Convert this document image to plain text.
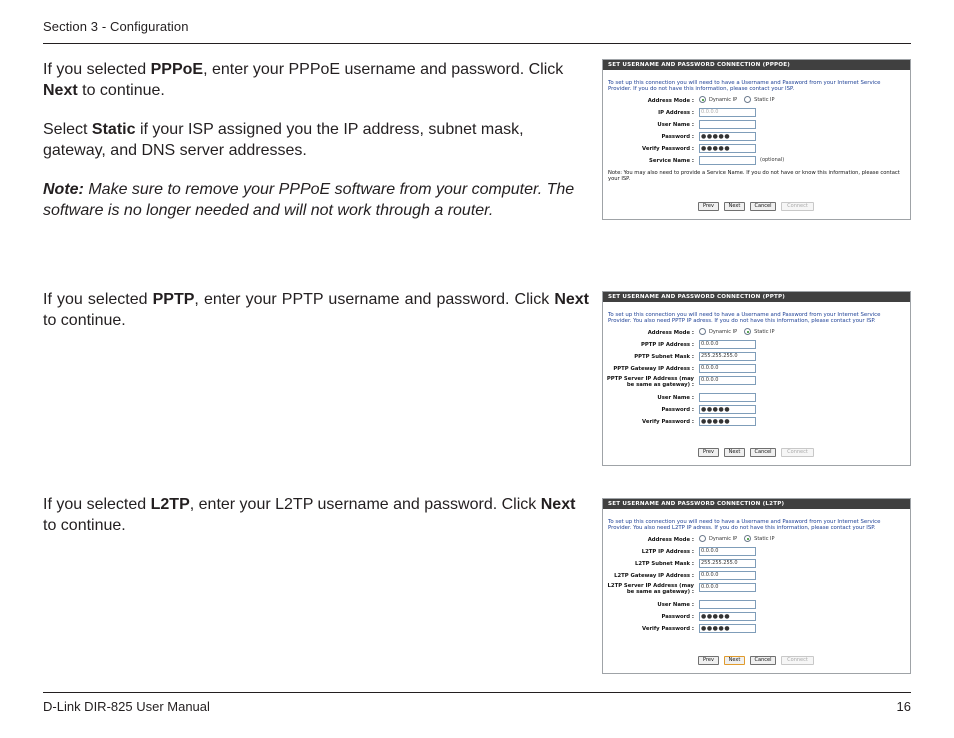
Section 3 - Configuration
D-Link DIR-825 User Manual	16

If you selected PPPoE, enter your PPPoE username and password. Click Next to continue.

Select Static if your ISP assigned you the IP address, subnet mask, gateway, and DNS server addresses.

Note: Make sure to remove your PPPoE software from your computer. The software is no longer needed and will not work through a router.

If you selected PPTP, enter your PPTP username and password. Click Next to continue.

If you selected L2TP, enter your L2TP username and password. Click Next to continue.

SET USERNAME AND PASSWORD CONNECTION (PPPOE)
To set up this connection you will need to have a Username and Password from your Internet Service Provider. If you do not have this information, please contact your ISP.
Address Mode :	Dynamic IP	Static IP
IP Address :	0.0.0.0
User Name :
Password :	●●●●●
Verify Password :	●●●●●
Service Name :	(optional)
Note: You may also need to provide a Service Name. If you do not have or know this information, please contact your ISP.
Prev	Next	Cancel	Connect
SET USERNAME AND PASSWORD CONNECTION (PPTP)
To set up this connection you will need to have a Username and Password from your Internet Service Provider. You also need PPTP IP adress. If you do not have this information, please contact your ISP.
Address Mode :	Dynamic IP	Static IP
PPTP IP Address :	0.0.0.0
PPTP Subnet Mask :	255.255.255.0
PPTP Gateway IP Address :	0.0.0.0
PPTP Server IP Address (may be same as gateway) :
0.0.0.0
User Name :
Password :	●●●●●
Verify Password :	●●●●●
Prev	Next	Cancel	Connect
SET USERNAME AND PASSWORD CONNECTION (L2TP)
To set up this connection you will need to have a Username and Password from your Internet Service Provider. You also need L2TP IP adress. If you do not have this information, please contact your ISP.
Address Mode :	Dynamic IP	Static IP
L2TP IP Address :	0.0.0.0
L2TP Subnet Mask :	255.255.255.0
L2TP Gateway IP Address :	0.0.0.0
L2TP Server IP Address (may be same as gateway) :
0.0.0.0
User Name :
Password :	●●●●●
Verify Password :	●●●●●
Prev	Next	Cancel	Connect
